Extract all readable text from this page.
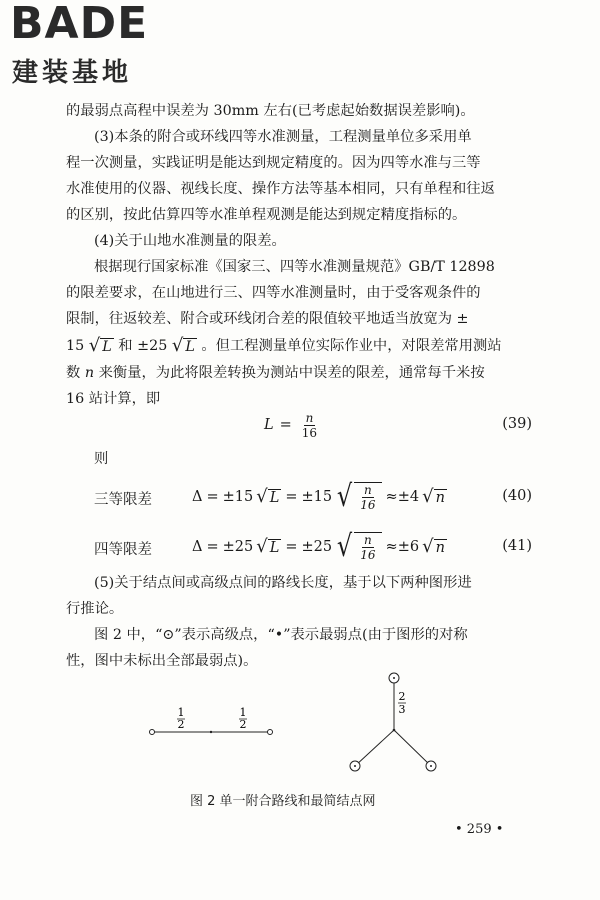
BADE
建装基地
的最弱点高程中误差为 30mm 左右(已考虑起始数据误差影响)。
(3)本条的附合或环线四等水准测量，工程测量单位多采用单
程一次测量，实践证明是能达到规定精度的。因为四等水准与三等
水准使用的仪器、视线长度、操作方法等基本相同，只有单程和往返
的区别，按此估算四等水准单程观测是能达到规定精度指标的。
(4)关于山地水准测量的限差。
根据现行国家标准《国家三、四等水准测量规范》GB/T 12898
的限差要求，在山地进行三、四等水准测量时，由于受客观条件的
限制，往返较差、附合或环线闭合差的限值较平地适当放宽为 ±
15 √ L 和 ±25 √ L 。但工程测量单位实际作业中，对限差常用测站
数 n 来衡量，为此将限差转换为测站中误差的限差，通常每千米按
16 站计算，即
$L = \frac{n}{16}$	(39)
则
三等限差	Δ = ±15 √ L = ±15 √ $\frac{n}{16} \approx\pm 4$ √ n	(40)
四等限差	Δ = ±25 √ L = ±25 √ $\frac{n}{16} \approx\pm 6$ √ n	(41)
(5)关于结点间或高级点间的路线长度，基于以下两种图形进
行推论。
图 2 中，“⊙”表示高级点，“•”表示最弱点(由于图形的对称
性，图中未标出全部最弱点)。
1
2
1
2
2
3
图 2 单一附合路线和最简结点网
• 259 •
